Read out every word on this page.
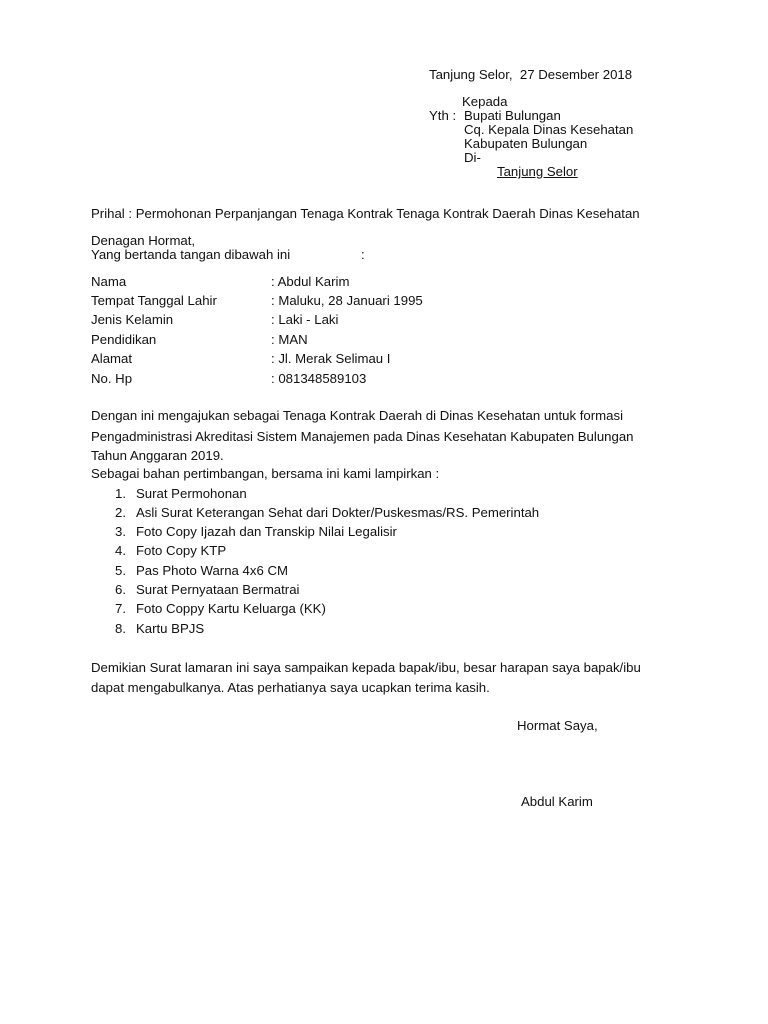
Tanjung Selor,  27 Desember 2018
Kepada
Yth : Bupati Bulungan
Cq. Kepala Dinas Kesehatan
Kabupaten Bulungan
Di-
Tanjung Selor
Prihal : Permohonan Perpanjangan Tenaga Kontrak Tenaga Kontrak Daerah Dinas Kesehatan
Denagan Hormat,
Yang bertanda tangan dibawah ini	:
Nama	: Abdul Karim
Tempat Tanggal Lahir	: Maluku, 28 Januari 1995
Jenis Kelamin	: Laki - Laki
Pendidikan	: MAN
Alamat	: Jl. Merak Selimau I
No. Hp	: 081348589103
Dengan ini mengajukan sebagai Tenaga Kontrak Daerah di Dinas Kesehatan untuk formasi
Pengadministrasi Akreditasi Sistem Manajemen pada Dinas Kesehatan Kabupaten Bulungan
Tahun Anggaran 2019.
Sebagai bahan pertimbangan, bersama ini kami lampirkan :
1. Surat Permohonan
2. Asli Surat Keterangan Sehat dari Dokter/Puskesmas/RS. Pemerintah
3. Foto Copy Ijazah dan Transkip Nilai Legalisir
4. Foto Copy KTP
5. Pas Photo Warna 4x6 CM
6. Surat Pernyataan Bermatrai
7. Foto Coppy Kartu Keluarga (KK)
8. Kartu BPJS
Demikian Surat lamaran ini saya sampaikan kepada bapak/ibu, besar harapan saya bapak/ibu
dapat mengabulkanya. Atas perhatianya saya ucapkan terima kasih.
Hormat Saya,
Abdul Karim
